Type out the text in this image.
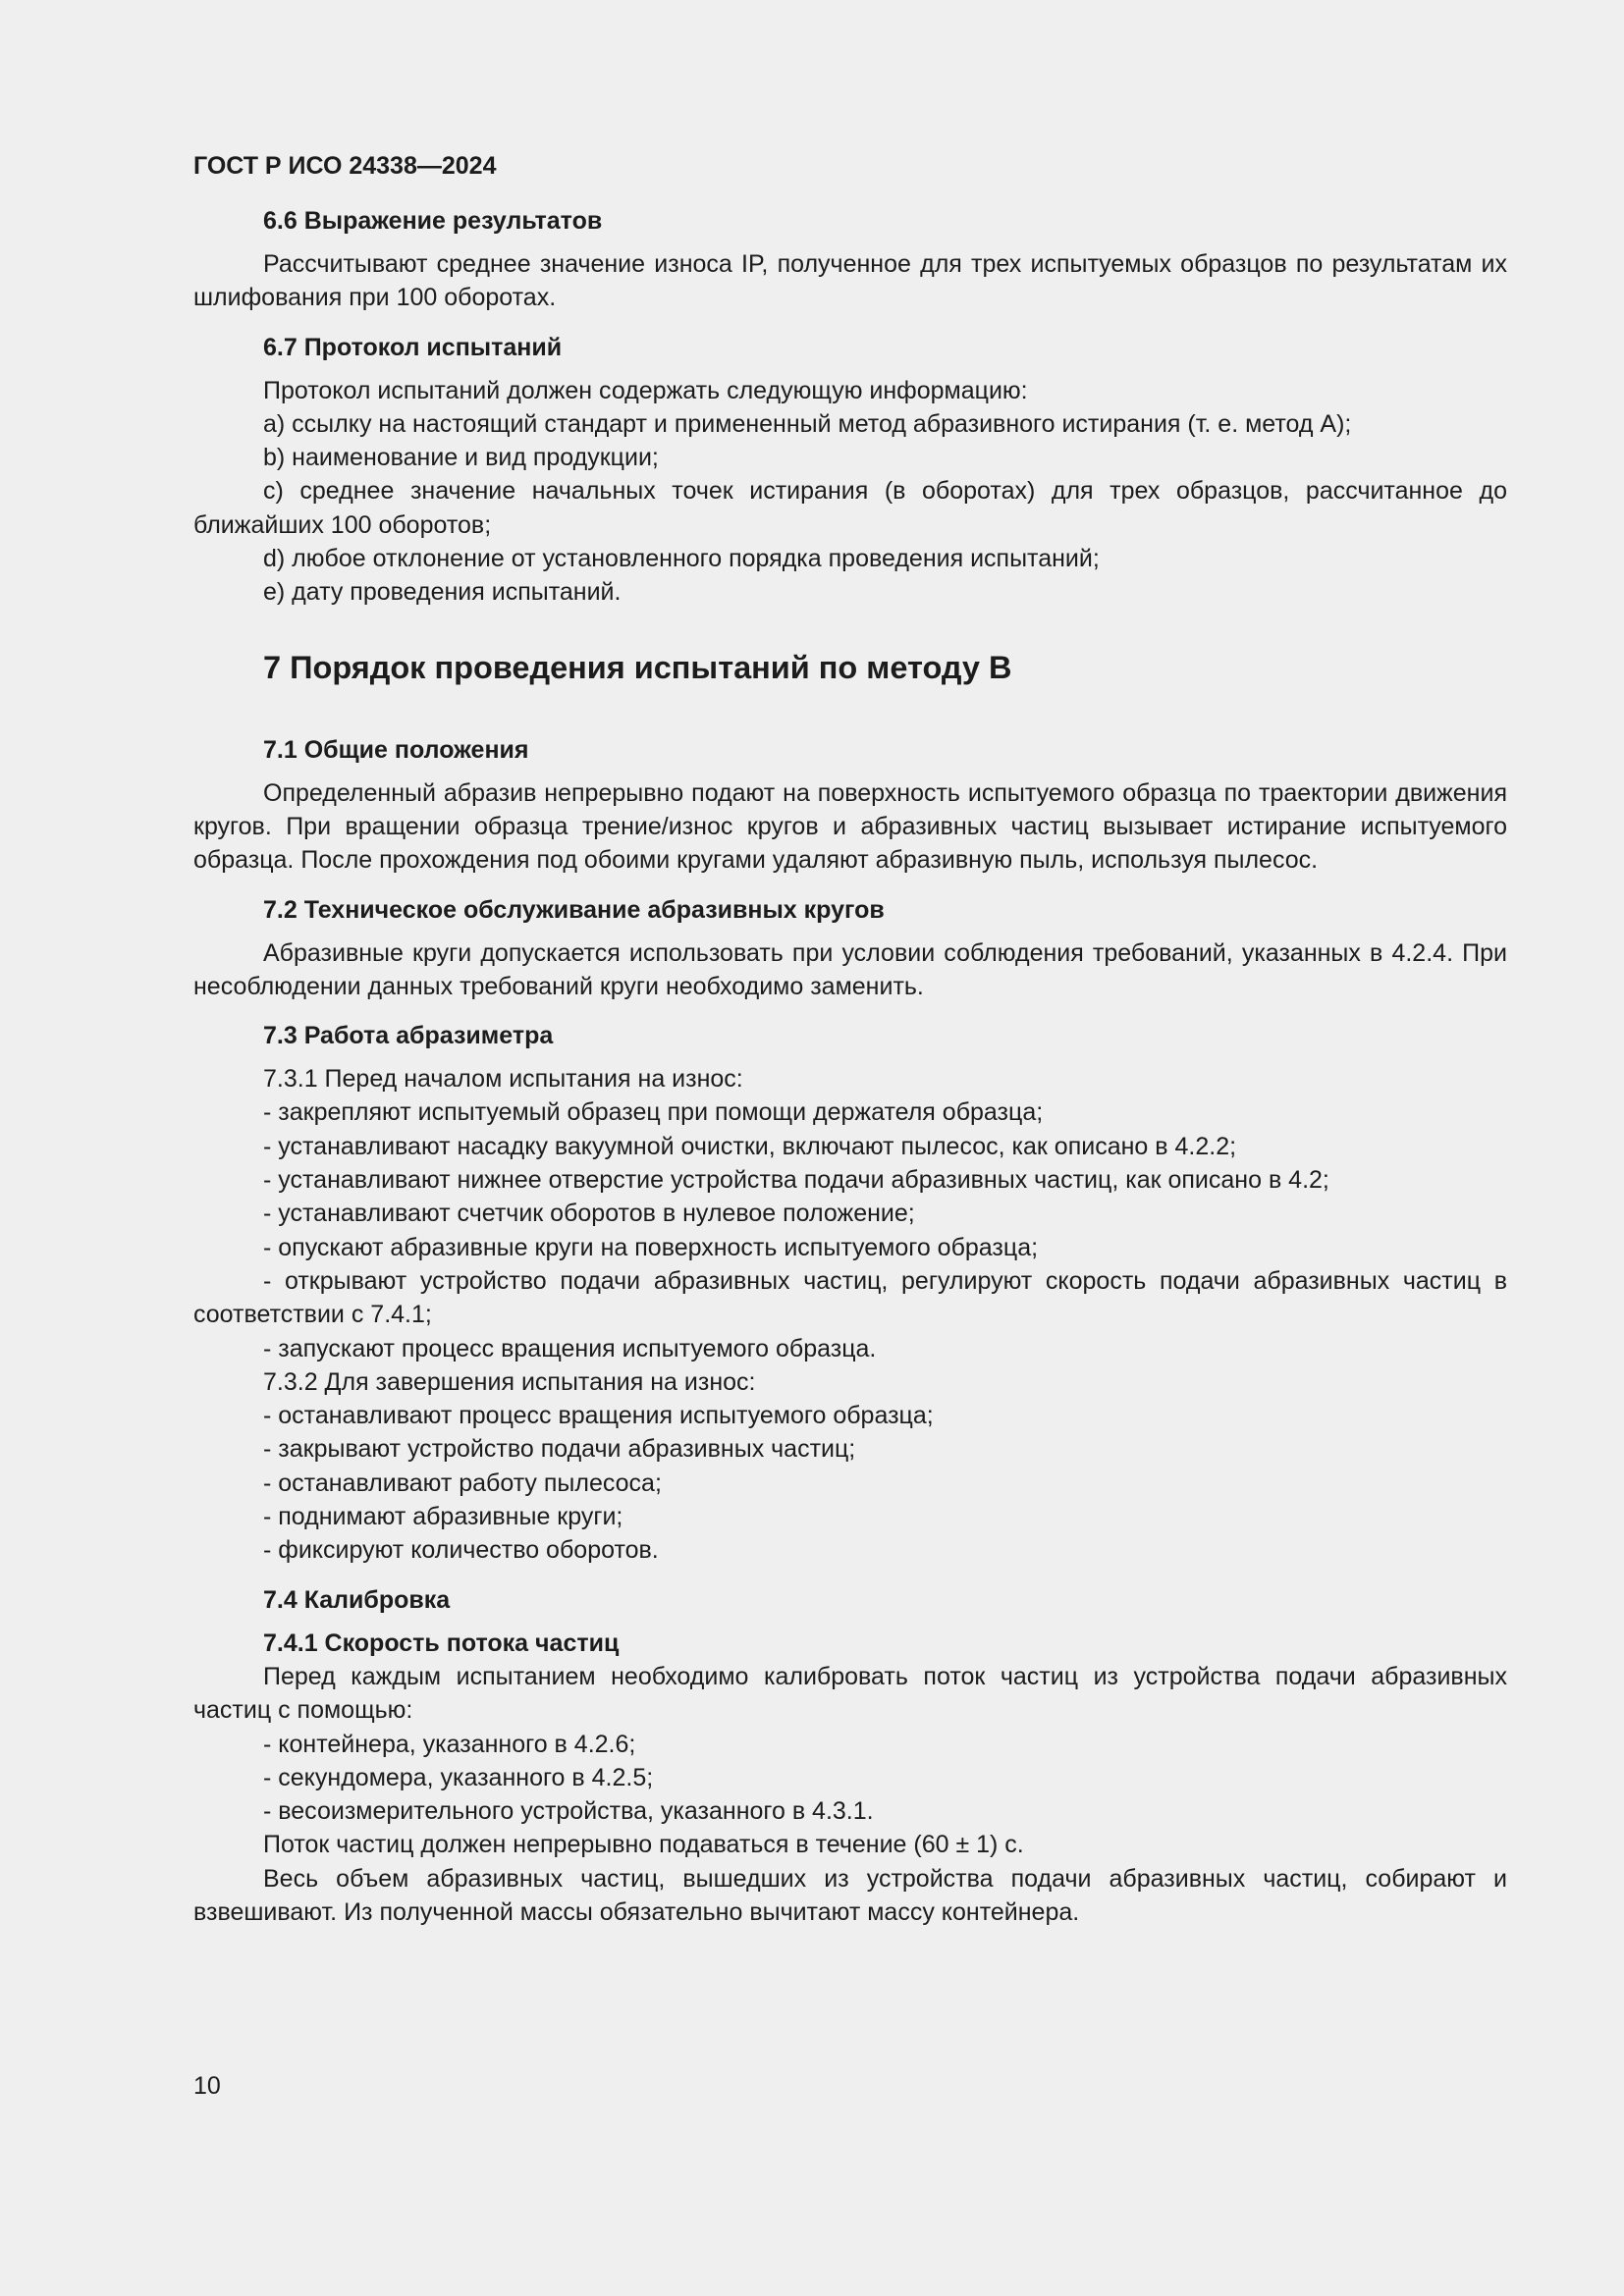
ГОСТ Р ИСО 24338—2024
6.6 Выражение результатов

Рассчитывают среднее значение износа IP, полученное для трех испытуемых образцов по результатам их шлифования при 100 оборотах.

6.7 Протокол испытаний

Протокол испытаний должен содержать следующую информацию:

a) ссылку на настоящий стандарт и примененный метод абразивного истирания (т. е. метод А);

b) наименование и вид продукции;

c) среднее значение начальных точек истирания (в оборотах) для трех образцов, рассчитанное до ближайших 100 оборотов;

d) любое отклонение от установленного порядка проведения испытаний;

e) дату проведения испытаний.

7 Порядок проведения испытаний по методу В
7.1 Общие положения

Определенный абразив непрерывно подают на поверхность испытуемого образца по траектории движения кругов. При вращении образца трение/износ кругов и абразивных частиц вызывает истирание испытуемого образца. После прохождения под обоими кругами удаляют абразивную пыль, используя пылесос.

7.2 Техническое обслуживание абразивных кругов

Абразивные круги допускается использовать при условии соблюдения требований, указанных в 4.2.4. При несоблюдении данных требований круги необходимо заменить.

7.3 Работа абразиметра

7.3.1 Перед началом испытания на износ:

- закрепляют испытуемый образец при помощи держателя образца;

- устанавливают насадку вакуумной очистки, включают пылесос, как описано в 4.2.2;

- устанавливают нижнее отверстие устройства подачи абразивных частиц, как описано в 4.2;

- устанавливают счетчик оборотов в нулевое положение;

- опускают абразивные круги на поверхность испытуемого образца;

- открывают устройство подачи абразивных частиц, регулируют скорость подачи абразивных частиц в соответствии с 7.4.1;

- запускают процесс вращения испытуемого образца.

7.3.2 Для завершения испытания на износ:

- останавливают процесс вращения испытуемого образца;

- закрывают устройство подачи абразивных частиц;

- останавливают работу пылесоса;

- поднимают абразивные круги;

- фиксируют количество оборотов.

7.4 Калибровка

7.4.1 Скорость потока частиц

Перед каждым испытанием необходимо калибровать поток частиц из устройства подачи абразивных частиц с помощью:

- контейнера, указанного в 4.2.6;

- секундомера, указанного в 4.2.5;

- весоизмерительного устройства, указанного в 4.3.1.

Поток частиц должен непрерывно подаваться в течение (60 ± 1) с.

Весь объем абразивных частиц, вышедших из устройства подачи абразивных частиц, собирают и взвешивают. Из полученной массы обязательно вычитают массу контейнера.

10
